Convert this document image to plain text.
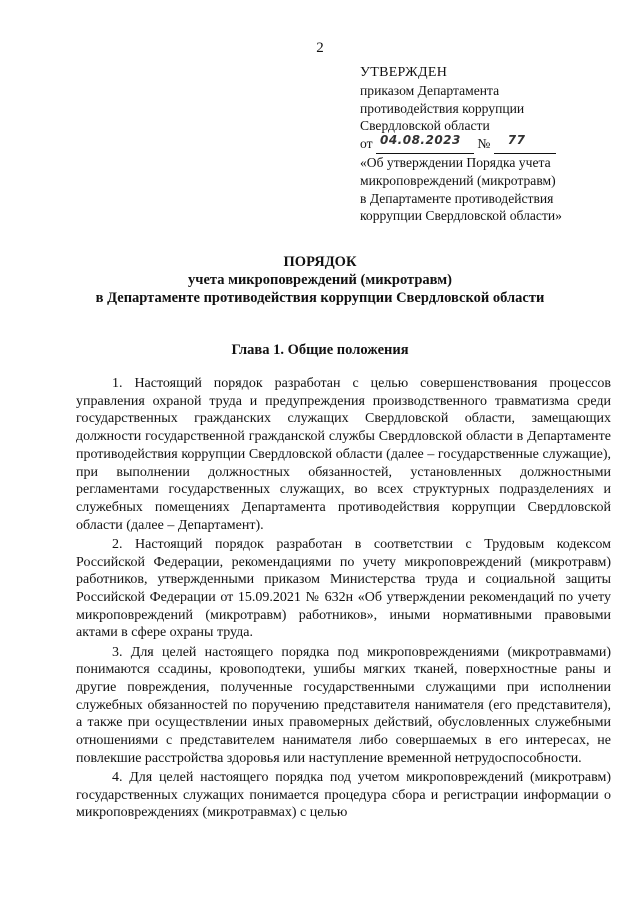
2
УТВЕРЖДЕН
приказом Департамента
противодействия коррупции
Свердловской области
от 04.08.2023 № 77
«Об утверждении Порядка учета
микроповреждений (микротравм)
в Департаменте противодействия
коррупции Свердловской области»
ПОРЯДОК
учета микроповреждений (микротравм)
в Департаменте противодействия коррупции Свердловской области
Глава 1. Общие положения

1. Настоящий порядок разработан с целью совершенствования процессов управления охраной труда и предупреждения производственного травматизма среди государственных гражданских служащих Свердловской области, замещающих должности государственной гражданской службы Свердловской области в Департаменте противодействия коррупции Свердловской области (далее – государственные служащие), при выполнении должностных обязанностей, установленных должностными регламентами государственных служащих, во всех структурных подразделениях и служебных помещениях Департамента противодействия коррупции Свердловской области (далее – Департамент).

2. Настоящий порядок разработан в соответствии с Трудовым кодексом Российской Федерации, рекомендациями по учету микроповреждений (микротравм) работников, утвержденными приказом Министерства труда и социальной защиты Российской Федерации от 15.09.2021 № 632н «Об утверждении рекомендаций по учету микроповреждений (микротравм) работников», иными нормативными правовыми актами в сфере охраны труда.

3. Для целей настоящего порядка под микроповреждениями (микротравмами) понимаются ссадины, кровоподтеки, ушибы мягких тканей, поверхностные раны и другие повреждения, полученные государственными служащими при исполнении служебных обязанностей по поручению представителя нанимателя (его представителя), а также при осуществлении иных правомерных действий, обусловленных служебными отношениями с представителем нанимателя либо совершаемых в его интересах, не повлекшие расстройства здоровья или наступление временной нетрудоспособности.

4. Для целей настоящего порядка под учетом микроповреждений (микротравм) государственных служащих понимается процедура сбора и регистрации информации о микроповреждениях (микротравмах) с целью
